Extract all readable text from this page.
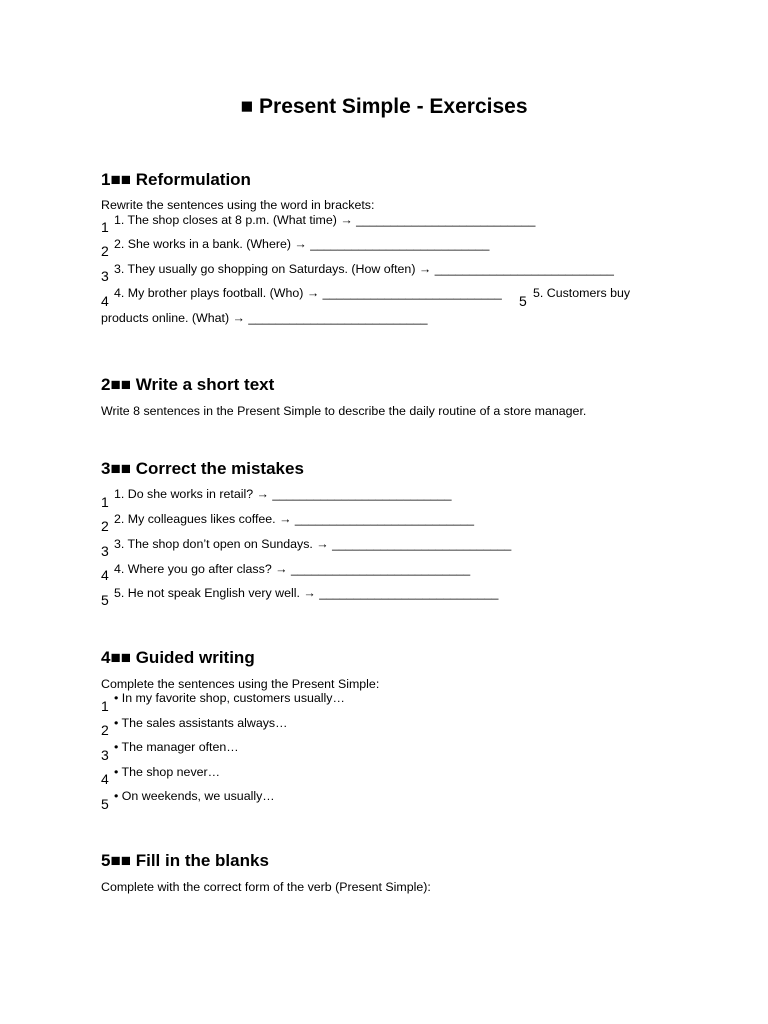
■ Present Simple - Exercises
1■■ Reformulation
Rewrite the sentences using the word in brackets:
1 1. The shop closes at 8 p.m. (What time) → __________________________
2 2. She works in a bank. (Where) → __________________________
3 3. They usually go shopping on Saturdays. (How often) → __________________________
4 4. My brother plays football. (Who) → __________________________ 5 5. Customers buy
products online. (What) → __________________________
2■■ Write a short text
Write 8 sentences in the Present Simple to describe the daily routine of a store manager.
3■■ Correct the mistakes
1 1. Do she works in retail? → __________________________
2 2. My colleagues likes coffee. → __________________________
3 3. The shop don’t open on Sundays. → __________________________
4 4. Where you go after class? → __________________________
5 5. He not speak English very well. → __________________________
4■■ Guided writing
Complete the sentences using the Present Simple:
1 • In my favorite shop, customers usually…
2 • The sales assistants always…
3 • The manager often…
4 • The shop never…
5 • On weekends, we usually…
5■■ Fill in the blanks
Complete with the correct form of the verb (Present Simple):
